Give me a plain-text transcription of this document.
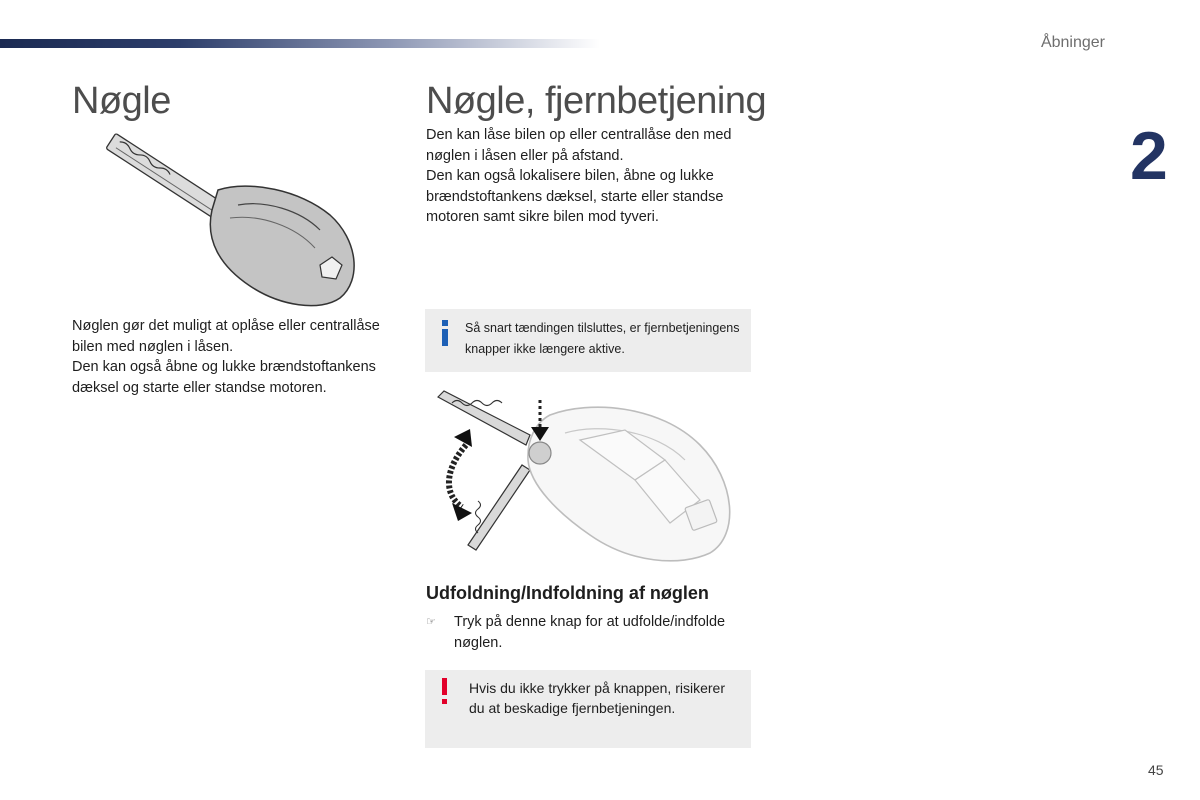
Åbninger
2
Nøgle

Nøglen gør det muligt at oplåse eller centrallåse bilen med nøglen i låsen.

Den kan også åbne og lukke brændstoftankens dæksel og starte eller standse motoren.

Nøgle, fjernbetjening

Den kan låse bilen op eller centrallåse den med nøglen i låsen eller på afstand.

Den kan også lokalisere bilen, åbne og lukke brændstoftankens dæksel, starte eller standse motoren samt sikre bilen mod tyveri.

Så snart tændingen tilsluttes, er fjernbetjeningens knapper ikke længere aktive.
Udfoldning/Indfoldning af nøglen
☞ Tryk på denne knap for at udfolde/indfolde nøglen.
Hvis du ikke trykker på knappen, risikerer du at beskadige fjernbetjeningen.
45
